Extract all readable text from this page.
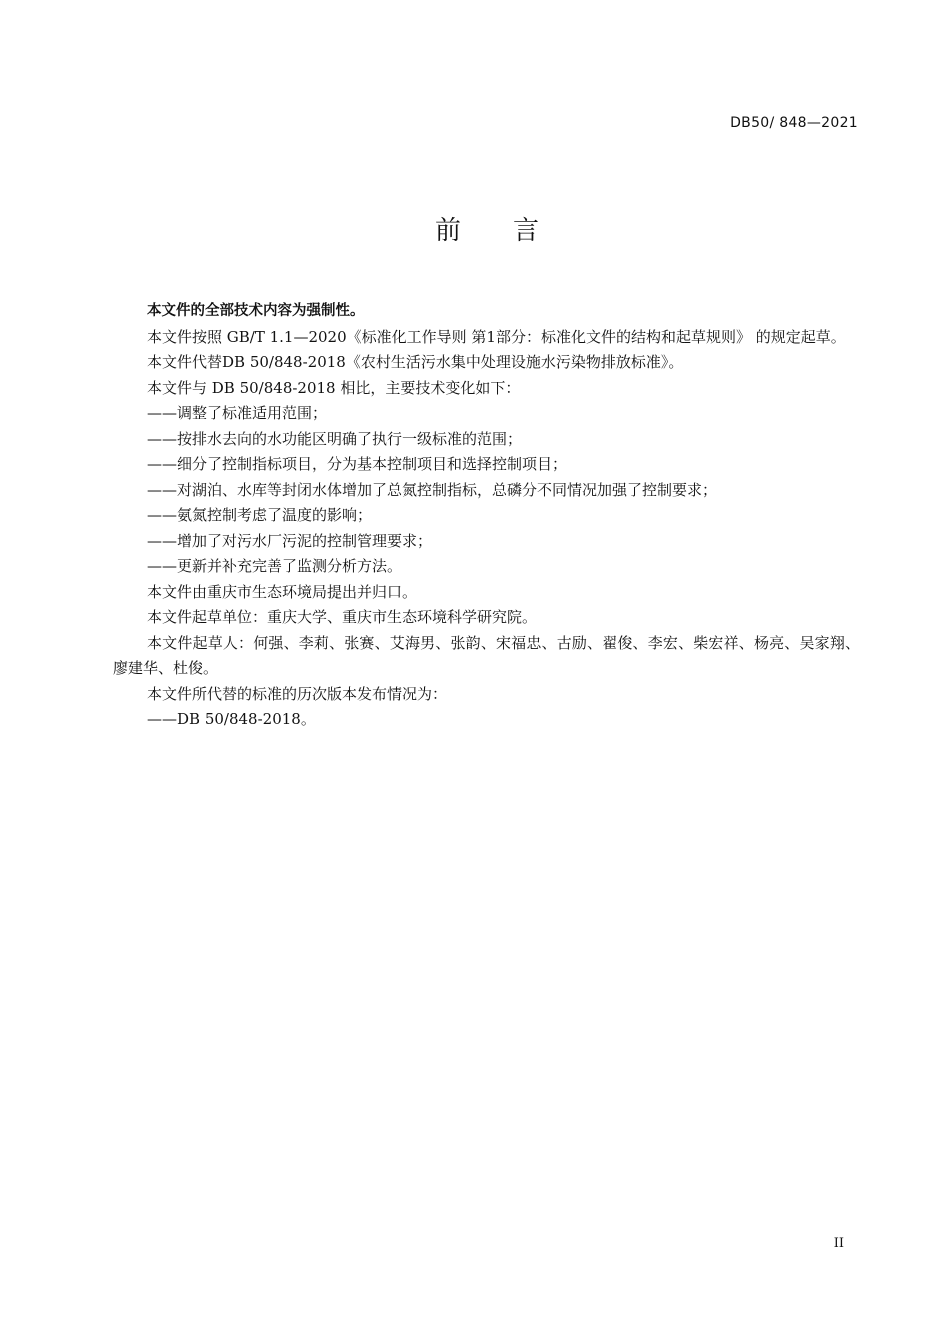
DB50/ 848—2021

前 言

本文件的全部技术内容为强制性。

本文件按照 GB/T 1.1—2020《标准化工作导则 第1部分：标准化文件的结构和起草规则》 的规定起草。

本文件代替DB 50/848-2018《农村生活污水集中处理设施水污染物排放标准》。

本文件与 DB 50/848-2018 相比，主要技术变化如下：

——调整了标准适用范围；

——按排水去向的水功能区明确了执行一级标准的范围；

——细分了控制指标项目，分为基本控制项目和选择控制项目；

——对湖泊、水库等封闭水体增加了总氮控制指标，总磷分不同情况加强了控制要求；

——氨氮控制考虑了温度的影响；

——增加了对污水厂污泥的控制管理要求；

——更新并补充完善了监测分析方法。

本文件由重庆市生态环境局提出并归口。

本文件起草单位：重庆大学、重庆市生态环境科学研究院。

本文件起草人：何强、李莉、张赛、艾海男、张韵、宋福忠、古励、翟俊、李宏、柴宏祥、杨亮、吴家翔、廖建华、杜俊。

本文件所代替的标准的历次版本发布情况为：

——DB 50/848-2018。

II
